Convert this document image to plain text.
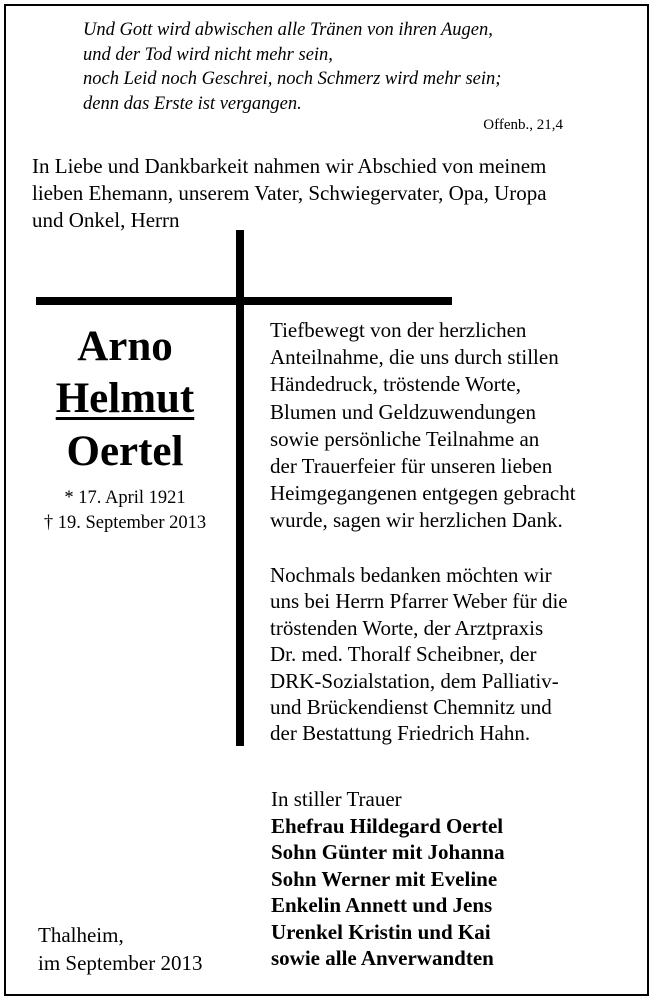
Und Gott wird abwischen alle Tränen von ihren Augen,
und der Tod wird nicht mehr sein,
noch Leid noch Geschrei, noch Schmerz wird mehr sein;
denn das Erste ist vergangen.
Offenb., 21,4
In Liebe und Dankbarkeit nahmen wir Abschied von meinem
lieben Ehemann, unserem Vater, Schwiegervater, Opa, Uropa
und Onkel, Herrn
Arno
Helmut
Oertel
* 17. April 1921
† 19. September 2013
Tiefbewegt von der herzlichen
Anteilnahme, die uns durch stillen
Händedruck, tröstende Worte,
Blumen und Geldzuwendungen
sowie persönliche Teilnahme an
der Trauerfeier für unseren lieben
Heimgegangenen entgegen gebracht
wurde, sagen wir herzlichen Dank.
Nochmals bedanken möchten wir
uns bei Herrn Pfarrer Weber für die
tröstenden Worte, der Arztpraxis
Dr. med. Thoralf Scheibner, der
DRK-Sozialstation, dem Palliativ-
und Brückendienst Chemnitz und
der Bestattung Friedrich Hahn.
In stiller Trauer
Ehefrau Hildegard Oertel
Sohn Günter mit Johanna
Sohn Werner mit Eveline
Enkelin Annett und Jens
Urenkel Kristin und Kai
sowie alle Anverwandten
Thalheim,
im September 2013
